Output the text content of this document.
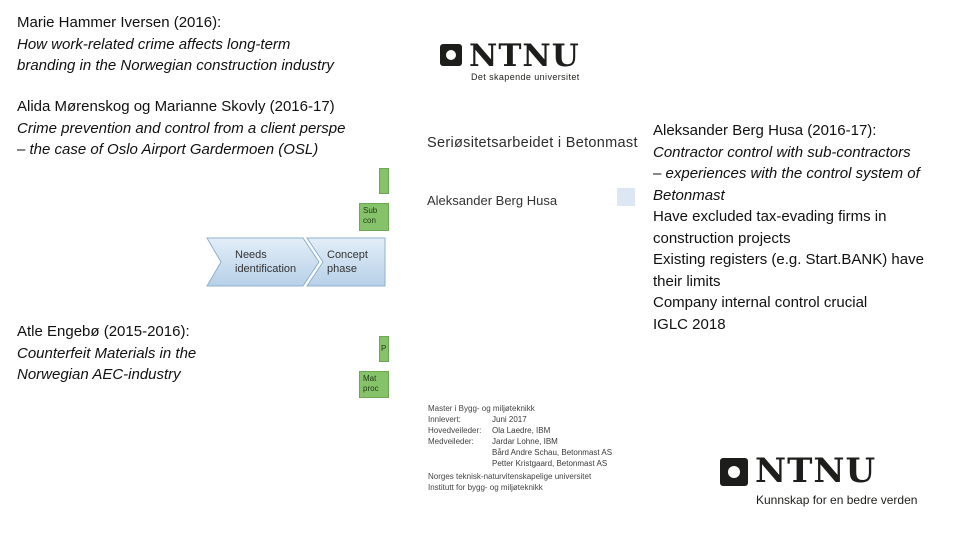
Marie Hammer Iversen (2016):
How work-related crime affects long-term
branding in the Norwegian construction industry
Alida Mørenskog og Marianne Skovly (2016-17)
Crime prevention and control from a client perspe
– the case of Oslo Airport Gardermoen (OSL)
Needs
identification
Concept
phase
Sub
con
P
Mat
proc
Atle Engebø (2015-2016):
Counterfeit Materials in the
Norwegian AEC-industry
NTNU
Det skapende universitet
Seriøsitetsarbeidet i Betonmast
Aleksander Berg Husa
Master i Bygg- og miljøteknikk
Innlevert:	Juni 2017
Hovedveileder: Ola Laedre, IBM
Medveileder: Jardar Lohne, IBM
Bård Andre Schau, Betonmast AS
Petter Kristgaard, Betonmast AS
Norges teknisk-naturvitenskapelige universitet
Institutt for bygg- og miljøteknikk
Aleksander Berg Husa (2016-17):
Contractor control with sub-contractors
– experiences with the control system of
Betonmast
Have excluded tax-evading firms in
construction projects
Existing registers (e.g. Start.BANK) have
their limits
Company internal control crucial
IGLC 2018
NTNU
Kunnskap for en bedre verden
